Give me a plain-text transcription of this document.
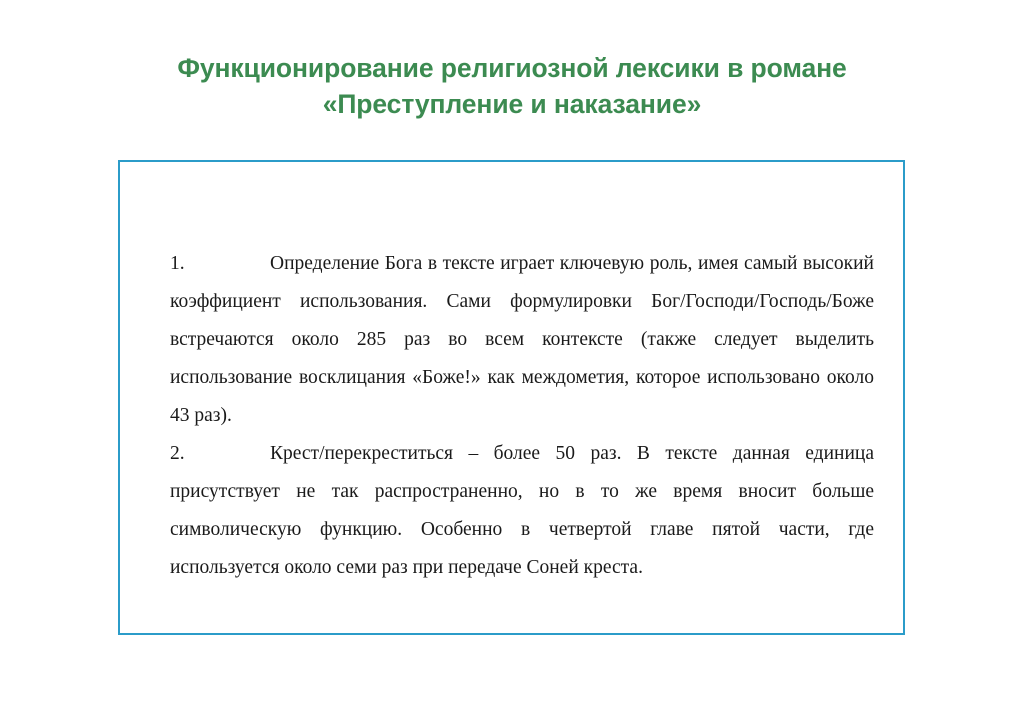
Функционирование религиозной лексики в романе
«Преступление и наказание»

1.	Определение Бога в тексте играет ключевую роль, имея самый высокий коэффициент использования. Сами формулировки Бог/Господи/Господь/Боже встречаются около 285 раз во всем контексте (также следует выделить использование восклицания «Боже!» как междометия, которое использовано около 43 раз).

2.	Крест/перекреститься – более 50 раз. В тексте данная единица присутствует не так распространенно, но в то же время вносит больше символическую функцию. Особенно в четвертой главе пятой части, где используется около семи раз при передаче Соней креста.
